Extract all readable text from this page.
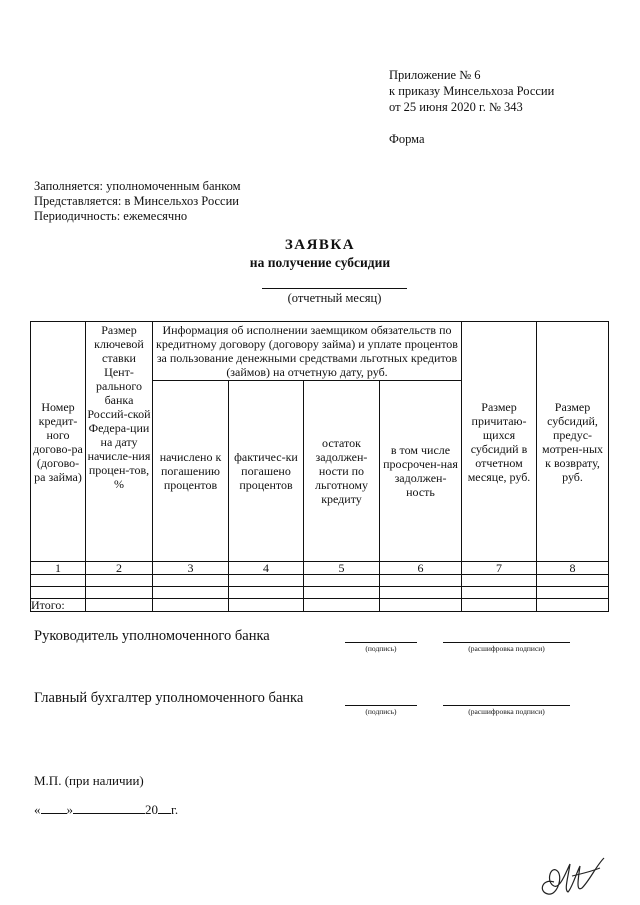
Приложение № 6
к приказу Минсельхоза России
от 25 июня 2020 г. № 343
Форма
Заполняется: уполномоченным банком
Представляется: в Минсельхоз России
Периодичность: ежемесячно
ЗАЯВКА
на получение субсидии
(отчетный месяц)
Номер кредит-ного догово-ра (догово-ра займа)	Размер ключевой ставки Цент-рального банка Россий-ской Федера-ции на дату начисле-ния процен-тов, %	Информация об исполнении заемщиком обязательств по кредитному договору (договору займа) и уплате процентов за пользование денежными средствами льготных кредитов (займов) на отчетную дату, руб.				Размер причитаю-щихся субсидий в отчетном месяце, руб.	Размер субсидий, предус-мотрен-ных к возврату, руб.
		начислено к погашению процентов	фактичес-ки погашено процентов	остаток задолжен-ности по льготному кредиту	в том числе просрочен-ная задолжен-ность		
1	2	3	4	5	6	7	8

Итого:							
Руководитель уполномоченного банка
(подпись)	(расшифровка подписи)
Главный бухгалтер уполномоченного банка
(подпись)	(расшифровка подписи)
М.П. (при наличии)
« »	20 г.
